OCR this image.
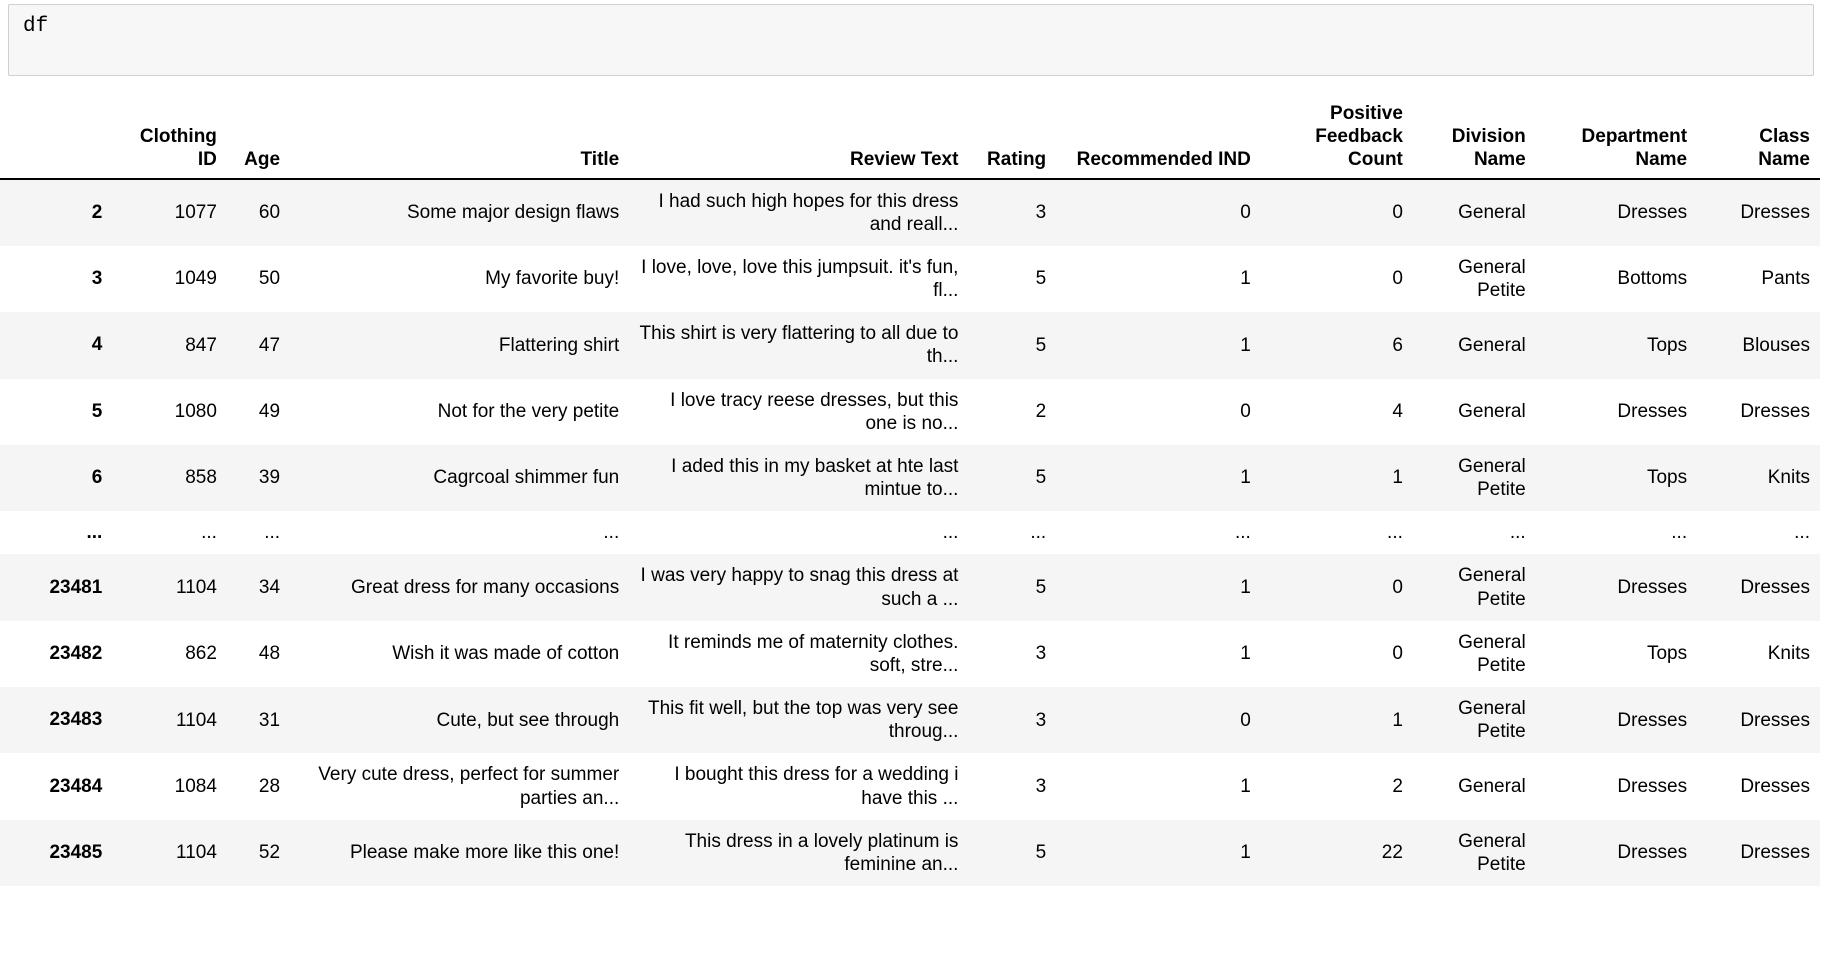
df
	Clothing ID	Age	Title	Review Text	Rating	Recommended IND	Positive Feedback Count	Division Name	Department Name	Class Name
2	1077	60	Some major design flaws	I had such high hopes for this dress and reall...	3	0	0	General	Dresses	Dresses
3	1049	50	My favorite buy!	I love, love, love this jumpsuit. it's fun, fl...	5	1	0	General Petite	Bottoms	Pants
4	847	47	Flattering shirt	This shirt is very flattering to all due to th...	5	1	6	General	Tops	Blouses
5	1080	49	Not for the very petite	I love tracy reese dresses, but this one is no...	2	0	4	General	Dresses	Dresses
6	858	39	Cagrcoal shimmer fun	I aded this in my basket at hte last mintue to...	5	1	1	General Petite	Tops	Knits
...	...	...	...	...	...	...	...	...	...	...
23481	1104	34	Great dress for many occasions	I was very happy to snag this dress at such a ...	5	1	0	General Petite	Dresses	Dresses
23482	862	48	Wish it was made of cotton	It reminds me of maternity clothes. soft, stre...	3	1	0	General Petite	Tops	Knits
23483	1104	31	Cute, but see through	This fit well, but the top was very see throug...	3	0	1	General Petite	Dresses	Dresses
23484	1084	28	Very cute dress, perfect for summer parties an...	I bought this dress for a wedding i have this ...	3	1	2	General	Dresses	Dresses
23485	1104	52	Please make more like this one!	This dress in a lovely platinum is feminine an...	5	1	22	General Petite	Dresses	Dresses
